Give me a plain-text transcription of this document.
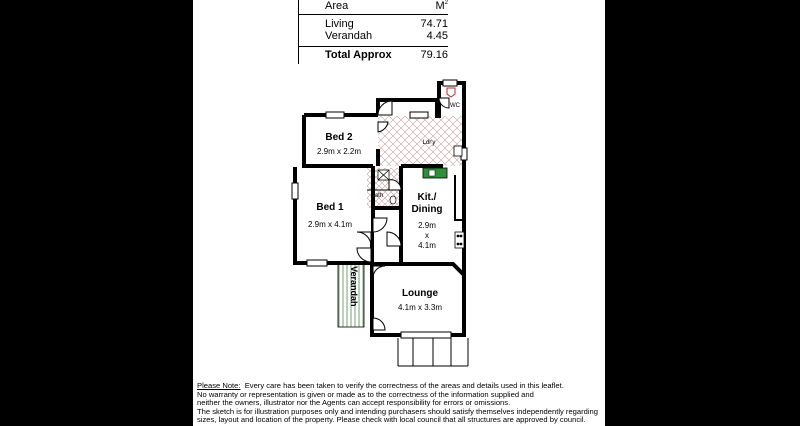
Area	$M^2$
Living	74.71
Verandah	4.45
Total Approx	79.16
Bed 2
2.9m x 2.2m
Ldr'y
WC
Bath
Bed 1
2.9m x 4.1m
Kit./
Dining
2.9m
x
4.1m
Lounge
4.1m x 3.3m
Verandah
Please Note: Every care has been taken to verify the correctness of the areas and details used in this leaflet.
No warranty or representation is given or made as to the correctness of the information supplied and
neither the owners, illustrator nor the Agents can accept responsibility for errors or omissions.
The sketch is for illustration purposes only and intending purchasers should satisfy themselves independently regarding
sizes, layout and location of the property. Please check with local council that all structures are approved by council.
